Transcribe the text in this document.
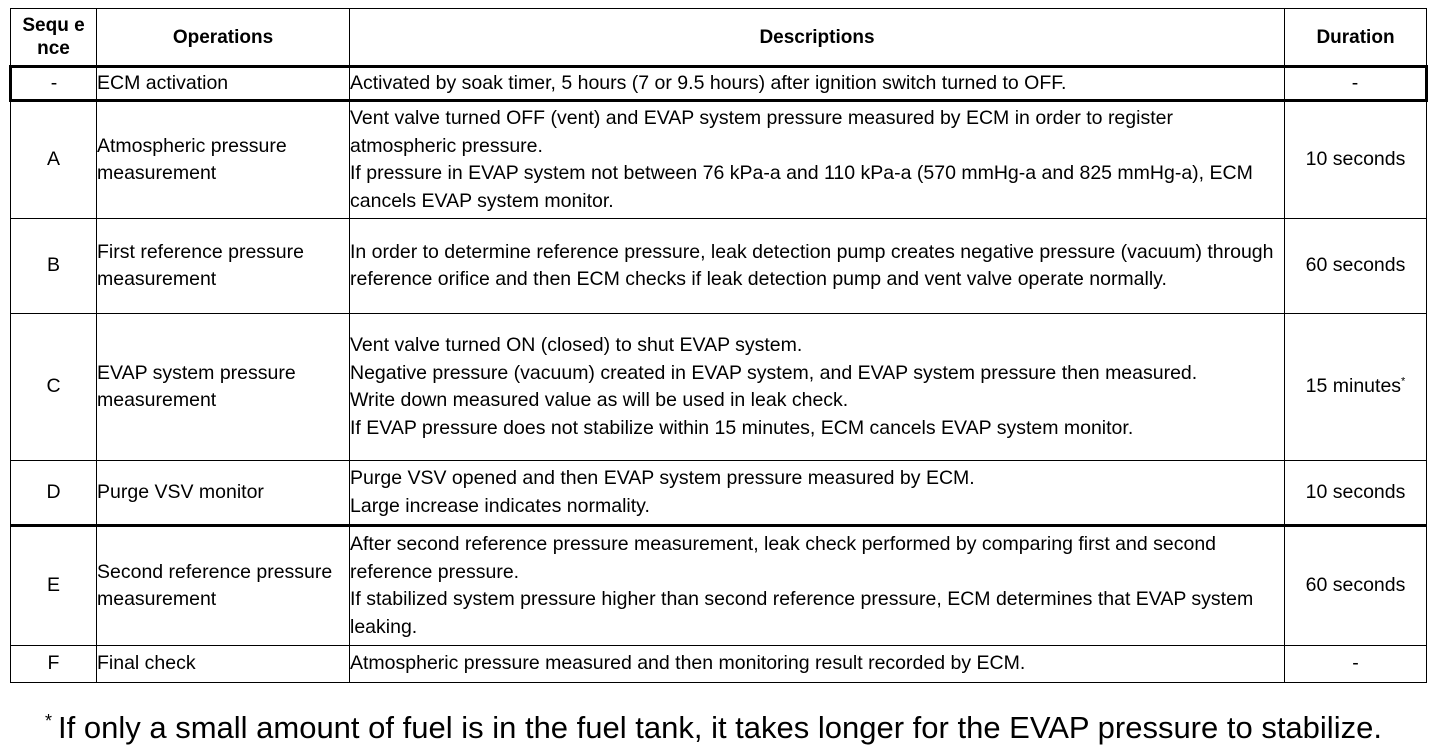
Sequ ence	Operations	Descriptions	Duration
-	ECM activation	Activated by soak timer, 5 hours (7 or 9.5 hours) after ignition switch turned to OFF.	-
A	Atmospheric pressure measurement	Vent valve turned OFF (vent) and EVAP system pressure measured by ECM in order to register atmospheric pressure.
If pressure in EVAP system not between 76 kPa-a and 110 kPa-a (570 mmHg-a and 825 mmHg-a), ECM cancels EVAP system monitor.	10 seconds
B	First reference pressure measurement	In order to determine reference pressure, leak detection pump creates negative pressure (vacuum) through reference orifice and then ECM checks if leak detection pump and vent valve operate normally.	60 seconds
C	EVAP system pressure measurement	Vent valve turned ON (closed) to shut EVAP system.
Negative pressure (vacuum) created in EVAP system, and EVAP system pressure then measured.
Write down measured value as will be used in leak check.
If EVAP pressure does not stabilize within 15 minutes, ECM cancels EVAP system monitor.	15 minutes*
D	Purge VSV monitor	Purge VSV opened and then EVAP system pressure measured by ECM.
Large increase indicates normality.	10 seconds
E	Second reference pressure measurement	After second reference pressure measurement, leak check performed by comparing first and second reference pressure.
If stabilized system pressure higher than second reference pressure, ECM determines that EVAP system leaking.	60 seconds
F	Final check	Atmospheric pressure measured and then monitoring result recorded by ECM.	-
* If only a small amount of fuel is in the fuel tank, it takes longer for the EVAP pressure to stabilize.
